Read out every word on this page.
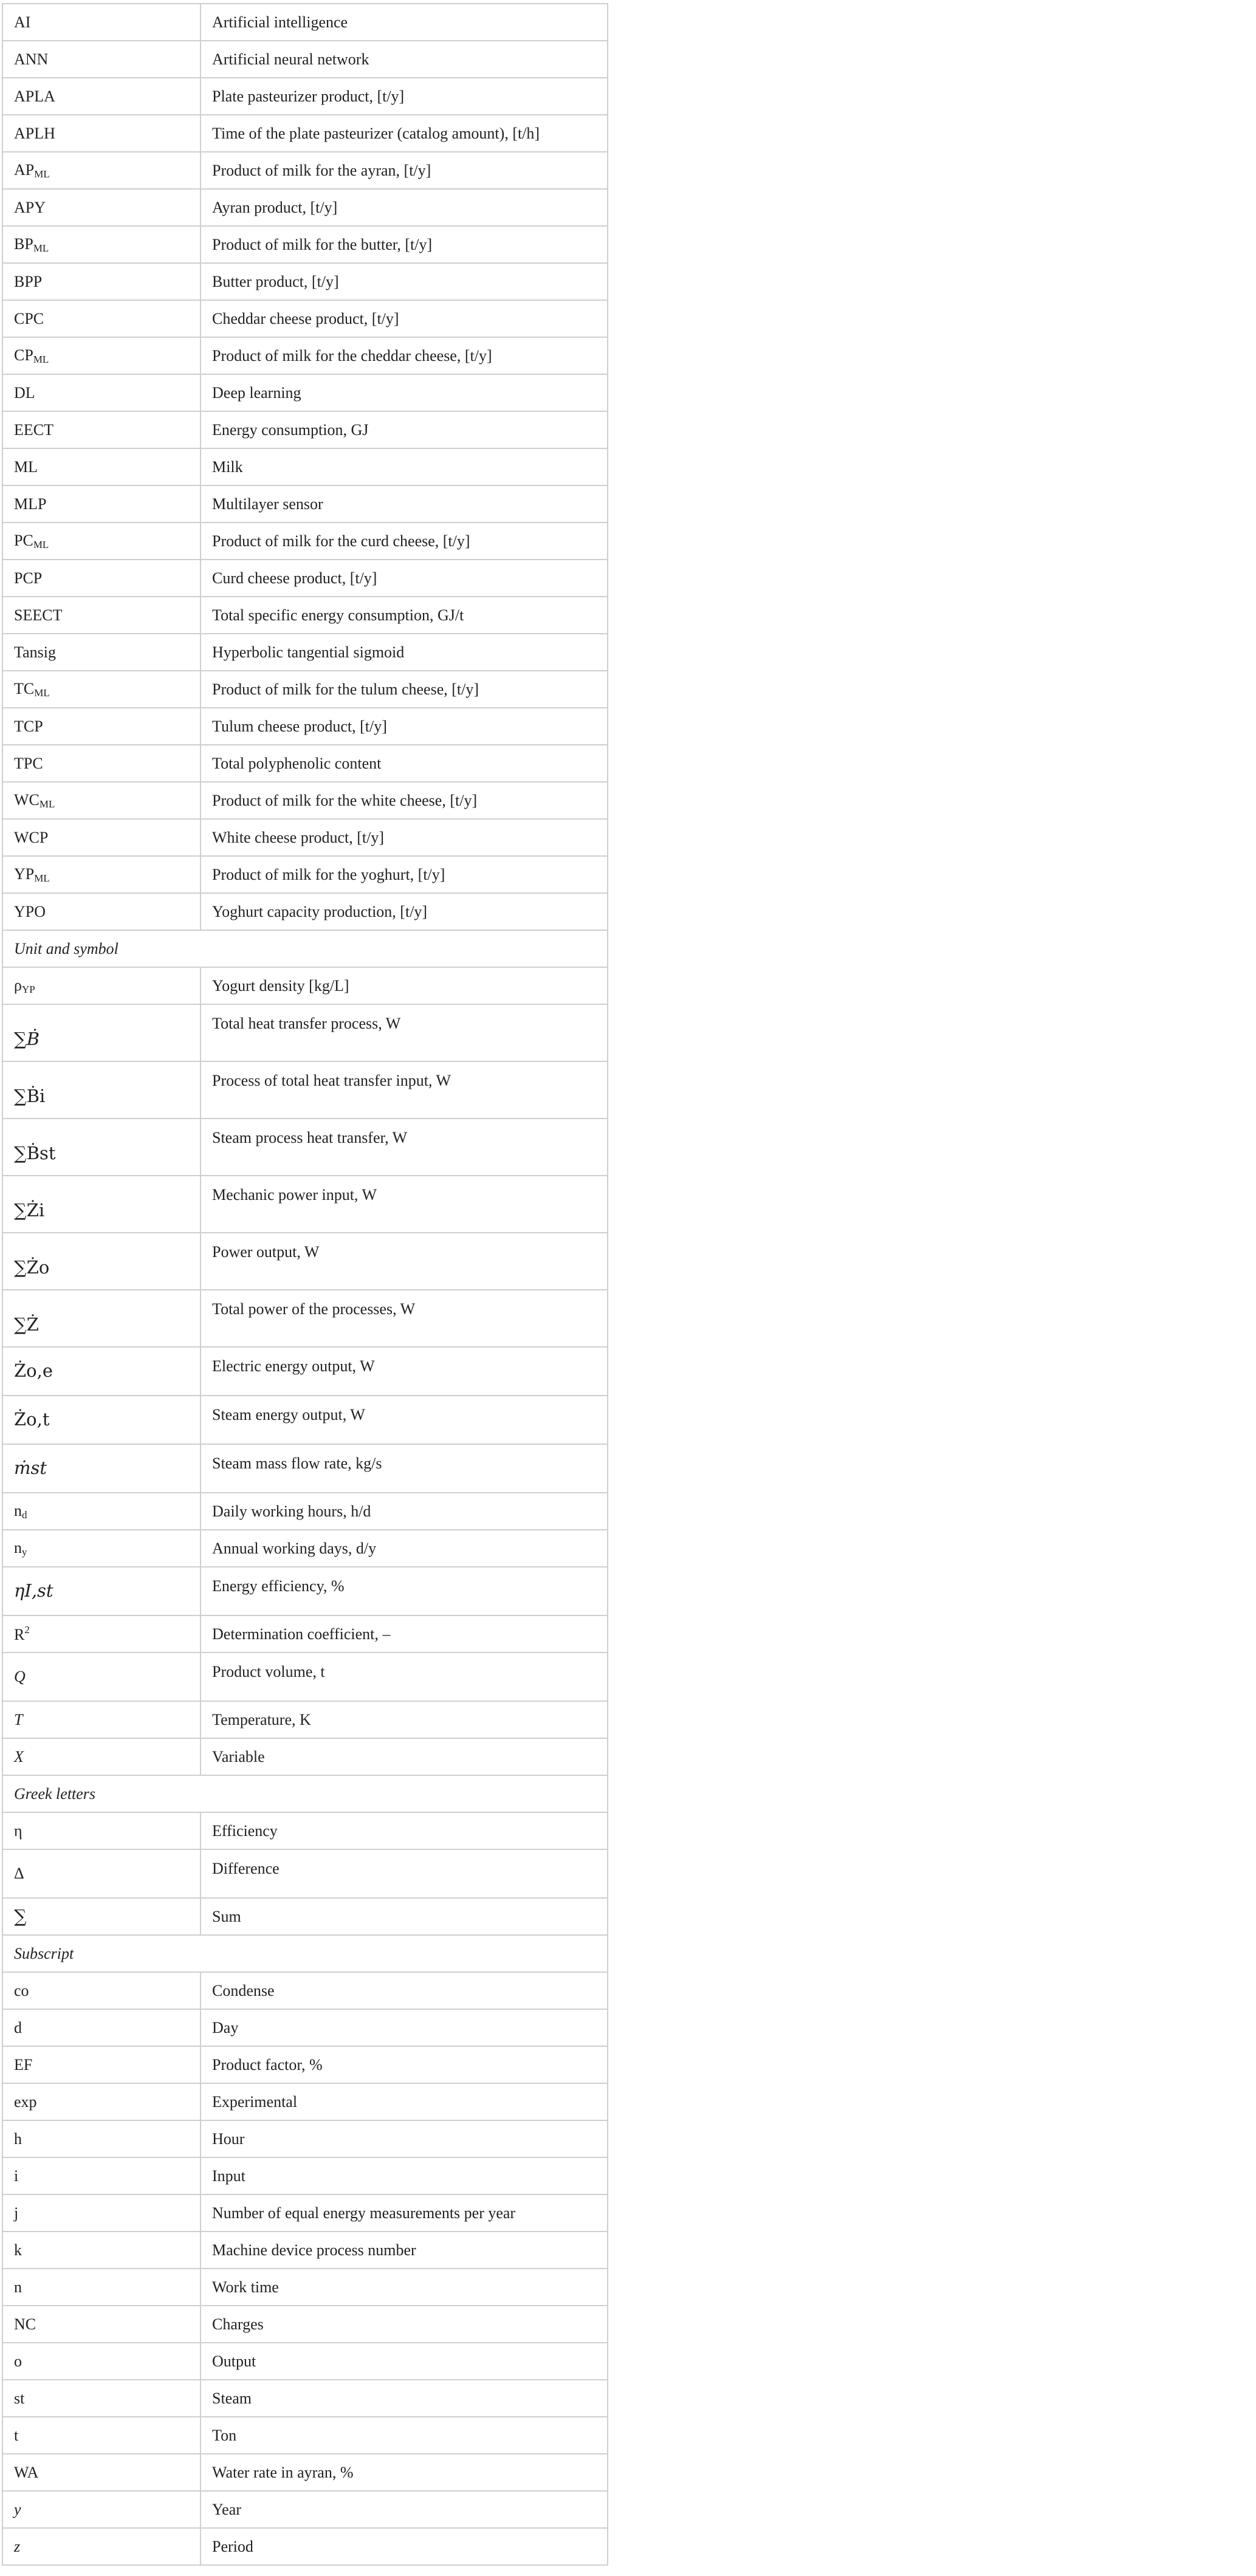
AI	Artificial intelligence
ANN	Artificial neural network
APLA	Plate pasteurizer product, [t/y]
APLH	Time of the plate pasteurizer (catalog amount), [t/h]
APML	Product of milk for the ayran, [t/y]
APY	Ayran product, [t/y]
BPML	Product of milk for the butter, [t/y]
BPP	Butter product, [t/y]
CPC	Cheddar cheese product, [t/y]
CPML	Product of milk for the cheddar cheese, [t/y]
DL	Deep learning
EECT	Energy consumption, GJ
ML	Milk
MLP	Multilayer sensor
PCML	Product of milk for the curd cheese, [t/y]
PCP	Curd cheese product, [t/y]
SEECT	Total specific energy consumption, GJ/t
Tansig	Hyperbolic tangential sigmoid
TCML	Product of milk for the tulum cheese, [t/y]
TCP	Tulum cheese product, [t/y]
TPC	Total polyphenolic content
WCML	Product of milk for the white cheese, [t/y]
WCP	White cheese product, [t/y]
YPML	Product of milk for the yoghurt, [t/y]
YPO	Yoghurt capacity production, [t/y]
Unit and symbol	
ρYP	Yogurt density [kg/L]
∑Ḃ	Total heat transfer process, W
∑Ḃi	Process of total heat transfer input, W
∑Ḃst	Steam process heat transfer, W
∑Żi	Mechanic power input, W
∑Żo	Power output, W
∑Ż	Total power of the processes, W
Żo,e	Electric energy output, W
Żo,t	Steam energy output, W
ṁst	Steam mass flow rate, kg/s
nd	Daily working hours, h/d
ny	Annual working days, d/y
ηI,st	Energy efficiency, %
$R^2$	Determination coefficient, –
Q	Product volume, t
T	Temperature, K
X	Variable
Greek letters	
η	Efficiency
Δ	Difference
∑	Sum
Subscript	
co	Condense
d	Day
EF	Product factor, %
exp	Experimental
h	Hour
i	Input
j	Number of equal energy measurements per year
k	Machine device process number
n	Work time
NC	Charges
o	Output
st	Steam
t	Ton
WA	Water rate in ayran, %
y	Year
z	Period
